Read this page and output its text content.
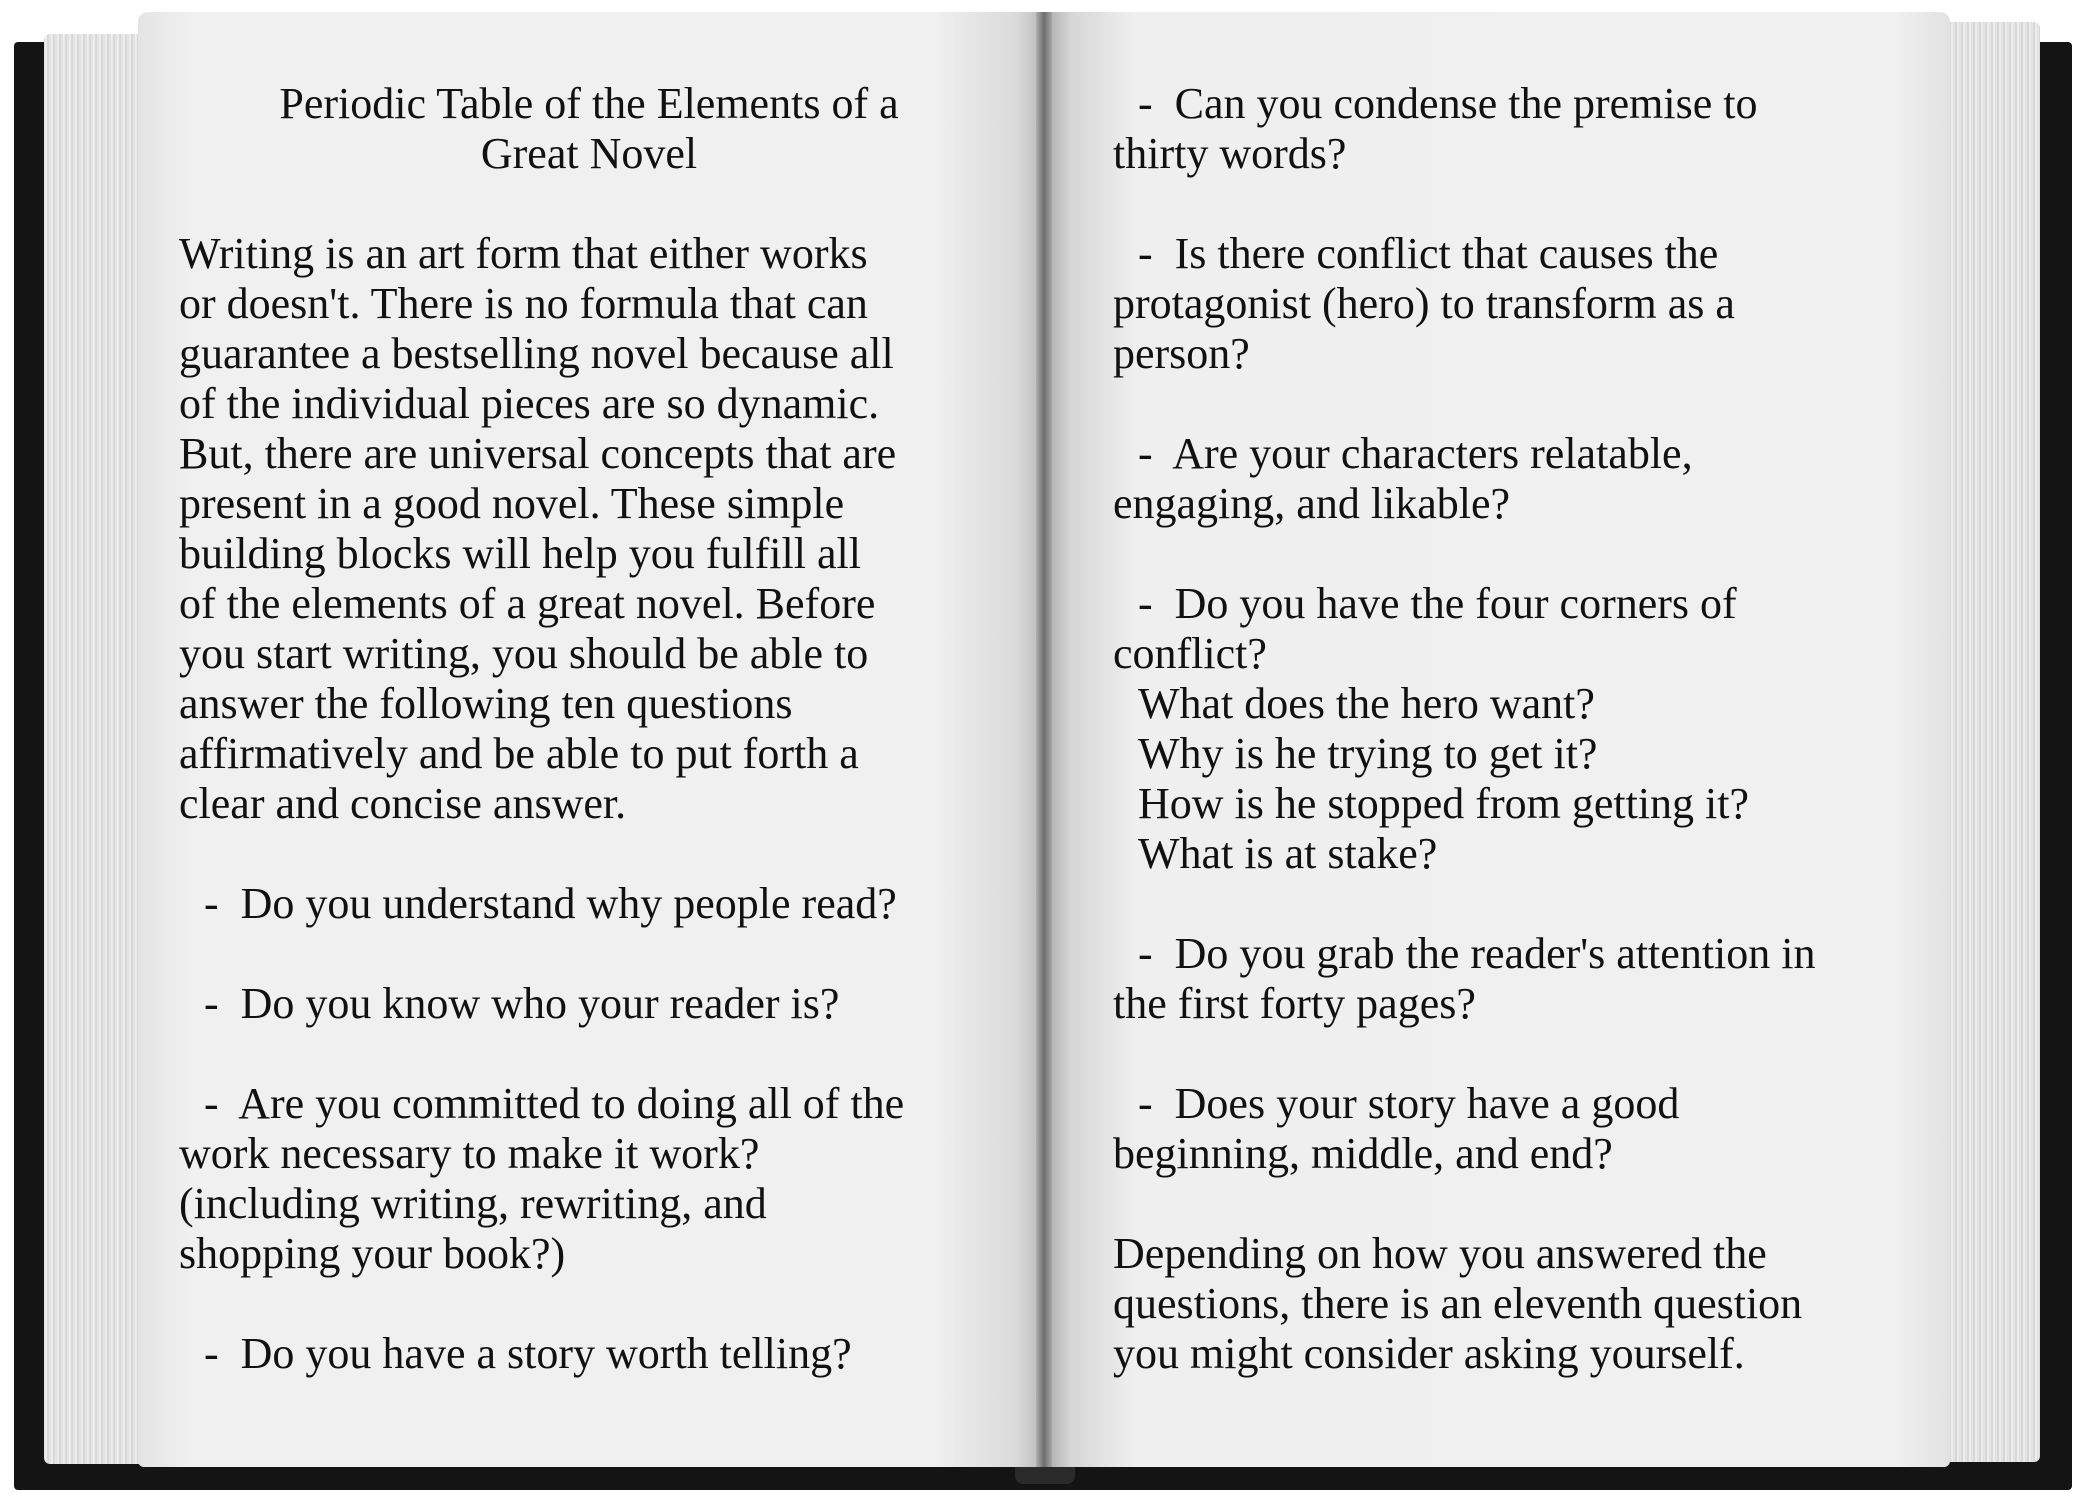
Periodic Table of the Elements of a
Great Novel
Writing is an art form that either works
or doesn't. There is no formula that can
guarantee a bestselling novel because all
of the individual pieces are so dynamic.
But, there are universal concepts that are
present in a good novel. These simple
building blocks will help you fulfill all
of the elements of a great novel. Before
you start writing, you should be able to
answer the following ten questions
affirmatively and be able to put forth a
clear and concise answer.
-  Do you understand why people read?
-  Do you know who your reader is?
-  Are you committed to doing all of the
work necessary to make it work?
(including writing, rewriting, and
shopping your book?)
-  Do you have a story worth telling?
-  Can you condense the premise to
thirty words?
-  Is there conflict that causes the
protagonist (hero) to transform as a
person?
-  Are your characters relatable,
engaging, and likable?
-  Do you have the four corners of
conflict?
What does the hero want?
Why is he trying to get it?
How is he stopped from getting it?
What is at stake?
-  Do you grab the reader's attention in
the first forty pages?
-  Does your story have a good
beginning, middle, and end?
Depending on how you answered the
questions, there is an eleventh question
you might consider asking yourself.
